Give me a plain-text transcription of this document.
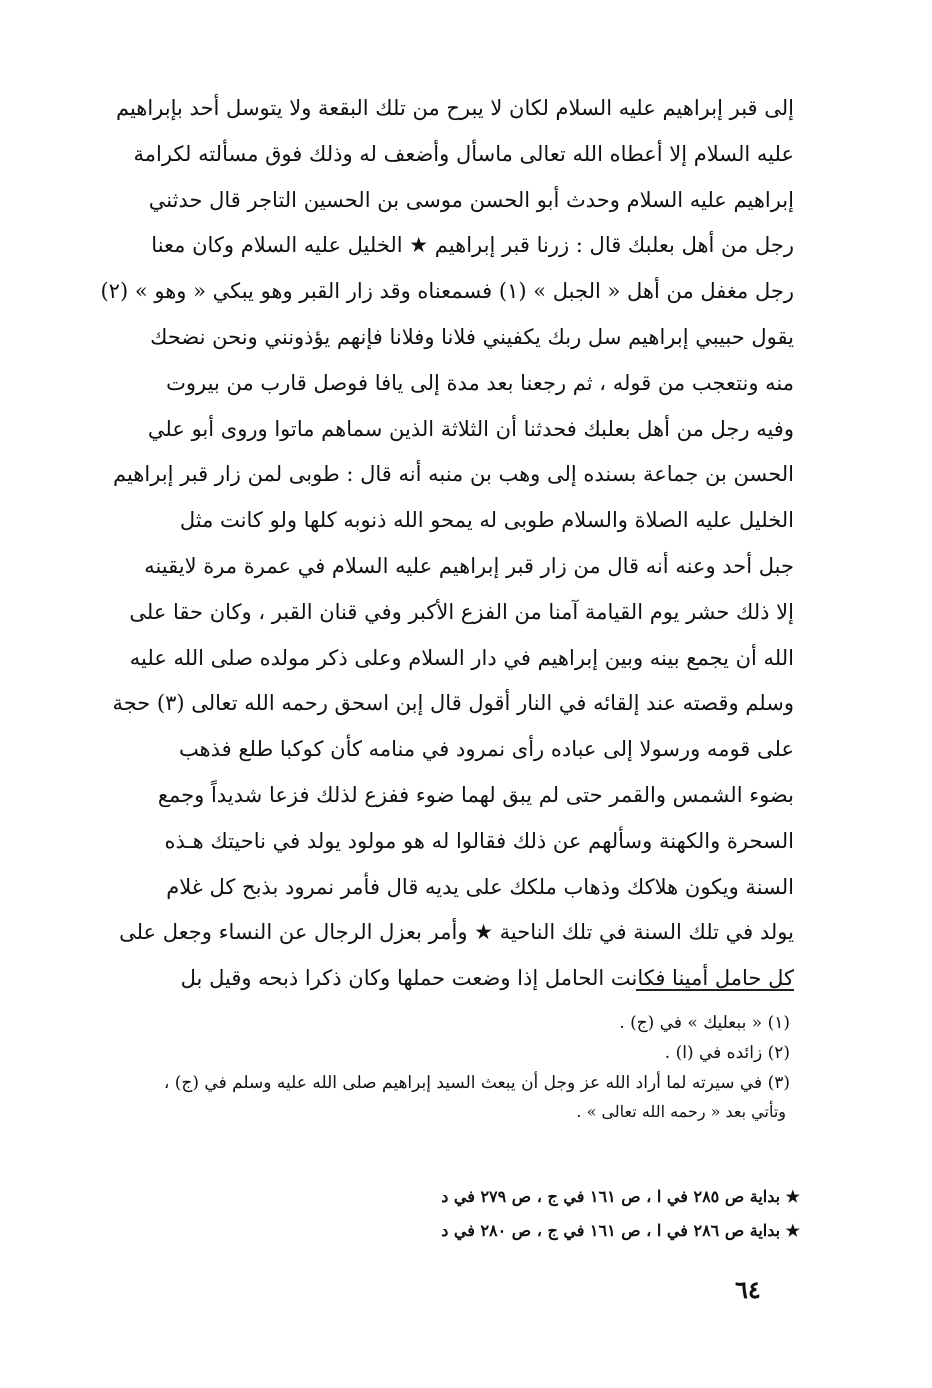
إلى قبر إبراهيم عليه السلام لكان لا يبرح من تلك البقعة ولا يتوسل أحد بإبراهيم
عليه السلام إلا أعطاه الله تعالى ماسأل وأضعف له وذلك فوق مسألته لكرامة
إبراهيم عليه السلام وحدث أبو الحسن موسى بن الحسين التاجر قال حدثني
رجل من أهل بعلبك قال : زرنا قبر إبراهيم ★ الخليل عليه السلام وكان معنا
رجل مغفل من أهل « الجبل » (١) فسمعناه وقد زار القبر وهو يبكي « وهو » (٢)
يقول حبيبي إبراهيم سل ربك يكفيني فلانا وفلانا فإنهم يؤذونني ونحن نضحك
منه ونتعجب من قوله ، ثم رجعنا بعد مدة إلى يافا فوصل قارب من بيروت
وفيه رجل من أهل بعلبك فحدثنا أن الثلاثة الذين سماهم ماتوا وروى أبو علي
الحسن بن جماعة بسنده إلى وهب بن منبه أنه قال : طوبى لمن زار قبر إبراهيم
الخليل عليه الصلاة والسلام طوبى له يمحو الله ذنوبه كلها ولو كانت مثل
جبل أحد وعنه أنه قال من زار قبر إبراهيم عليه السلام في عمرة مرة لايقينه
إلا ذلك حشر يوم القيامة آمنا من الفزع الأكبر وفي قنان القبر ، وكان حقا على
الله أن يجمع بينه وبين إبراهيم في دار السلام وعلى ذكر مولده صلى الله عليه
وسلم وقصته عند إلقائه في النار أقول قال إبن اسحق رحمه الله تعالى (٣) حجة
على قومه ورسولا إلى عباده رأى نمرود في منامه كأن كوكبا طلع فذهب
بضوء الشمس والقمر حتى لم يبق لهما ضوء ففزع لذلك فزعا شديداً وجمع
السحرة والكهنة وسألهم عن ذلك فقالوا له هو مولود يولد في ناحيتك هـذه
السنة ويكون هلاكك وذهاب ملكك على يديه قال فأمر نمرود بذبح كل غلام
يولد في تلك السنة في تلك الناحية ★ وأمر بعزل الرجال عن النساء وجعل على
كل حامل أمينا فكانت الحامل إذا وضعت حملها وكان ذكرا ذبحه وقيل بل
(١) « ببعليك » في (ج) .
(٢) زائده في (ا) .
(٣) في سيرته لما أراد الله عز وجل أن يبعث السيد إبراهيم صلى الله عليه وسلم في (ج) ،
وتأتي بعد « رحمه الله تعالى » .
★ بداية ص ٢٨٥ في ا ، ص ١٦١ في ج ، ص ٢٧٩ في د
★ بداية ص ٢٨٦ في ا ، ص ١٦١ في ج ، ص ٢٨٠ في د
٦٤
